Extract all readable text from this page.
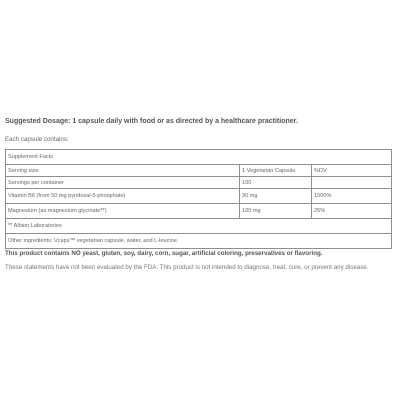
Suggested Dosage: 1 capsule daily with food or as directed by a healthcare practitioner.
Each capsule contains:
Supplement Facts		
Serving size	1 Vegetarian Capsule	%DV
Servings per container	100	
Vitamin B6 (from 50 mg pyridoxal-5-phosphate)	30 mg	1500%
Magnesium (as magnesium glycinate**)	100 mg	25%
** Albion Laboratories		
Other ingredients: Vcaps™ vegetarian capsule, water, and L-leucine.		
This product contains NO yeast, gluten, soy, dairy, corn, sugar, artificial coloring, preservatives or flavoring.
These statements have not been evaluated by the FDA. This product is not intended to diagnose, treat, cure, or prevent any disease.
